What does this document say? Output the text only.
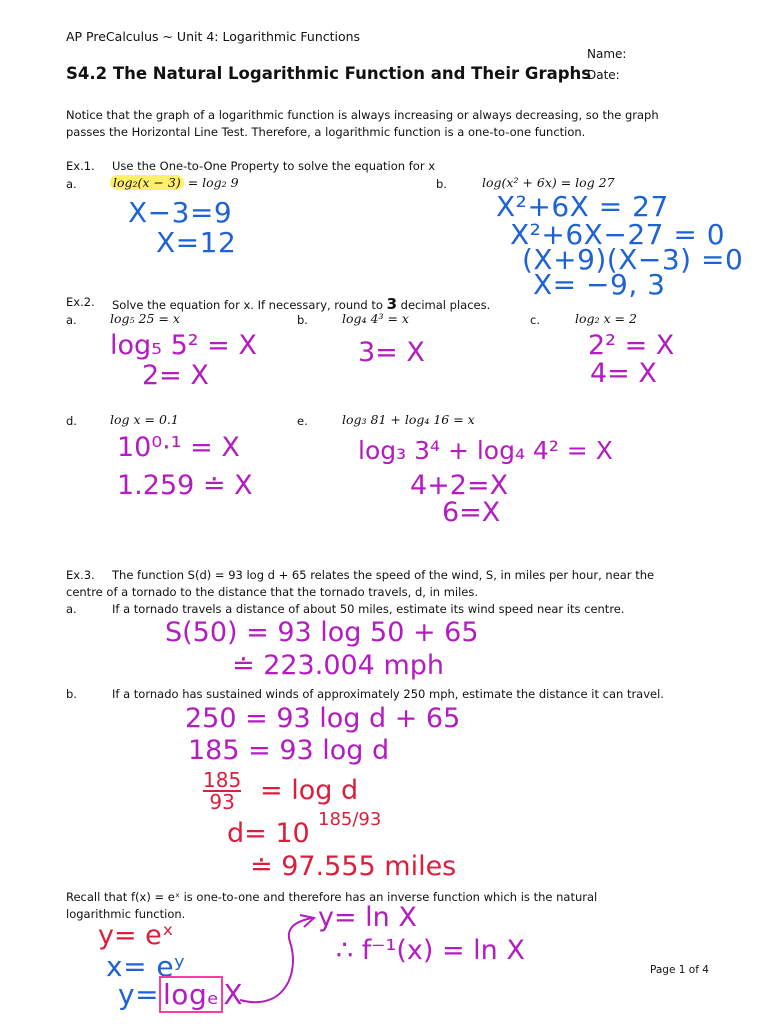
AP PreCalculus ~ Unit 4: Logarithmic Functions
Name:
S4.2 The Natural Logarithmic Function and Their Graphs
Date:
Notice that the graph of a logarithmic function is always increasing or always decreasing, so the graph
passes the Horizontal Line Test. Therefore, a logarithmic function is a one-to-one function.
Ex.1. Use the One-to-One Property to solve the equation for x
a.	log₂(x − 3) = log₂ 9	b.	log(x² + 6x) = log 27
X−3=9
X=12
X²+6X = 27
X²+6X−27 = 0
(X+9)(X−3) =0
X= −9, 3
Ex.2. Solve the equation for x. If necessary, round to 3 decimal places.
a.	log₅ 25 = x	b.	log₄ 4³ = x	c.	log₂ x = 2
log₅ 5² = X
2= X
3= X	2² = X
4= X
d.	log x = 0.1	e.	log₃ 81 + log₄ 16 = x
10⁰·¹ = X
1.259 ≐ X
log₃ 3⁴ + log₄ 4² = X
4+2=X
6=X
Ex.3. The function S(d) = 93 log d + 65 relates the speed of the wind, S, in miles per hour, near the
centre of a tornado to the distance that the tornado travels, d, in miles.
a.	If a tornado travels a distance of about 50 miles, estimate its wind speed near its centre.
S(50) = 93 log 50 + 65
≐ 223.004 mph
b.	If a tornado has sustained winds of approximately 250 mph, estimate the distance it can travel.
250 = 93 log d + 65
185 = 93 log d
$\frac{185}{93} = \log d$
d= 10 185/93
≐ 97.555 miles
Recall that f(x) = eˣ is one-to-one and therefore has an inverse function which is the natural
logarithmic function.
y= eˣ
x= eʸ
y= logₑ X
y= ln X
∴ f⁻¹(x) = ln X
Page 1 of 4
